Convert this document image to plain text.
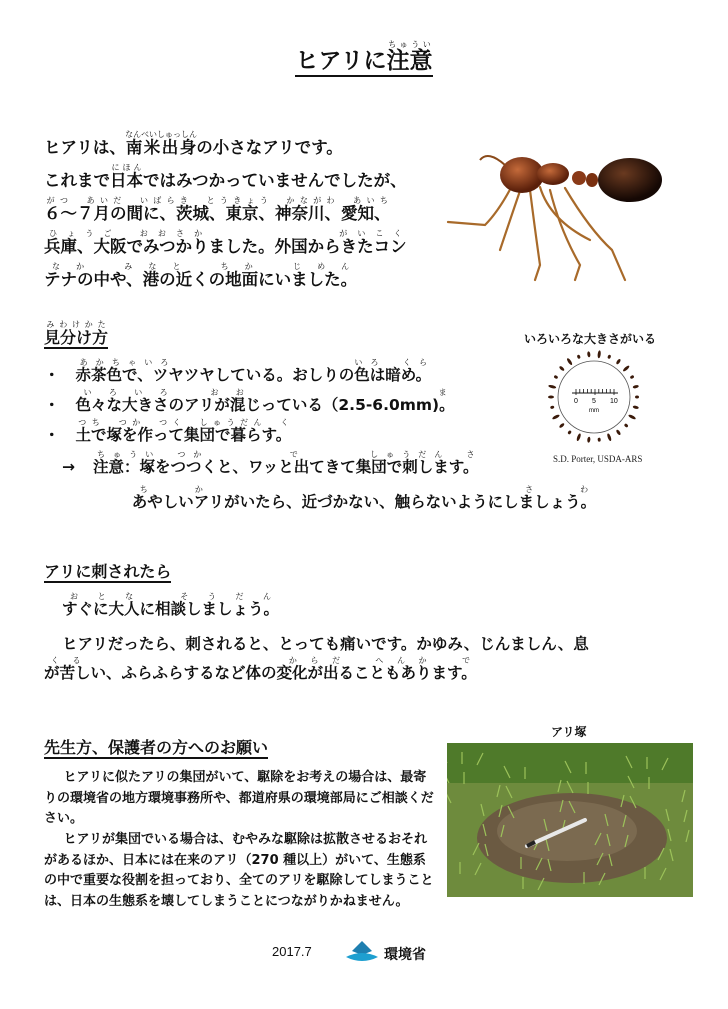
ヒアリに注意ちゅうい
ヒアリは、南米出身なんべいしゅっしんの小さなアリです。
これまで日本にほんではみつかっていませんでしたが、
６～７月の間に、茨城、東京、神奈川、愛知、がつ　あいだ　いばらき　とうきょう　かながわ　あいち
兵庫、大阪でみつかりました。外国からきたコンひょうご　おおさか　　　　　　　がいこく
テナの中や、港の近くの地面にいました。なか　みなと　ちか　じめん
見分け方みわけかた
・ 赤茶色で、ツヤツヤしている。おしりの色は暗め。あかちゃいろ　　　　　　　　　　　いろ　くら
・ 色々な大きさのアリが混じっている（2.5-6.0mm)。いろいろ　おお　　　　　　　ま
・ 土で塚を作って集団で暮らす。つち　つか　つく　しゅうだん　く
→ 注意：塚をつつくと、ワッと出てきて集団で刺します。ちゅうい　つか　　　　　で　　　　しゅうだん　さ
いろいろな大きさがいる
0 5 10
mm
S.D. Porter, USDA-ARS
あやしいアリがいたら、近づかない、触らないようにしましょう。ちか　　　　　さわ
アリに刺されたら
すぐに大人に相談しましょう。おとな　そうだん
ヒアリだったら、刺されると、とっても痛いです。かゆみ、じんましん、息
が苦しい、ふらふらするなど体の変化が出ることもあります。くる　　　　　　　　　からだ　へんか　で
先生方、保護者の方へのお願い
ヒアリに似たアリの集団がいて、駆除をお考えの場合は、最寄りの環境省の地方環境事務所や、都道府県の環境部局にご相談ください。
ヒアリが集団でいる場合は、むやみな駆除は拡散させるおそれがあるほか、日本には在来のアリ（270 種以上）がいて、生態系の中で重要な役割を担っており、全てのアリを駆除してしまうことは、日本の生態系を壊してしまうことにつながりかねません。
アリ塚
2017.7	環境省
